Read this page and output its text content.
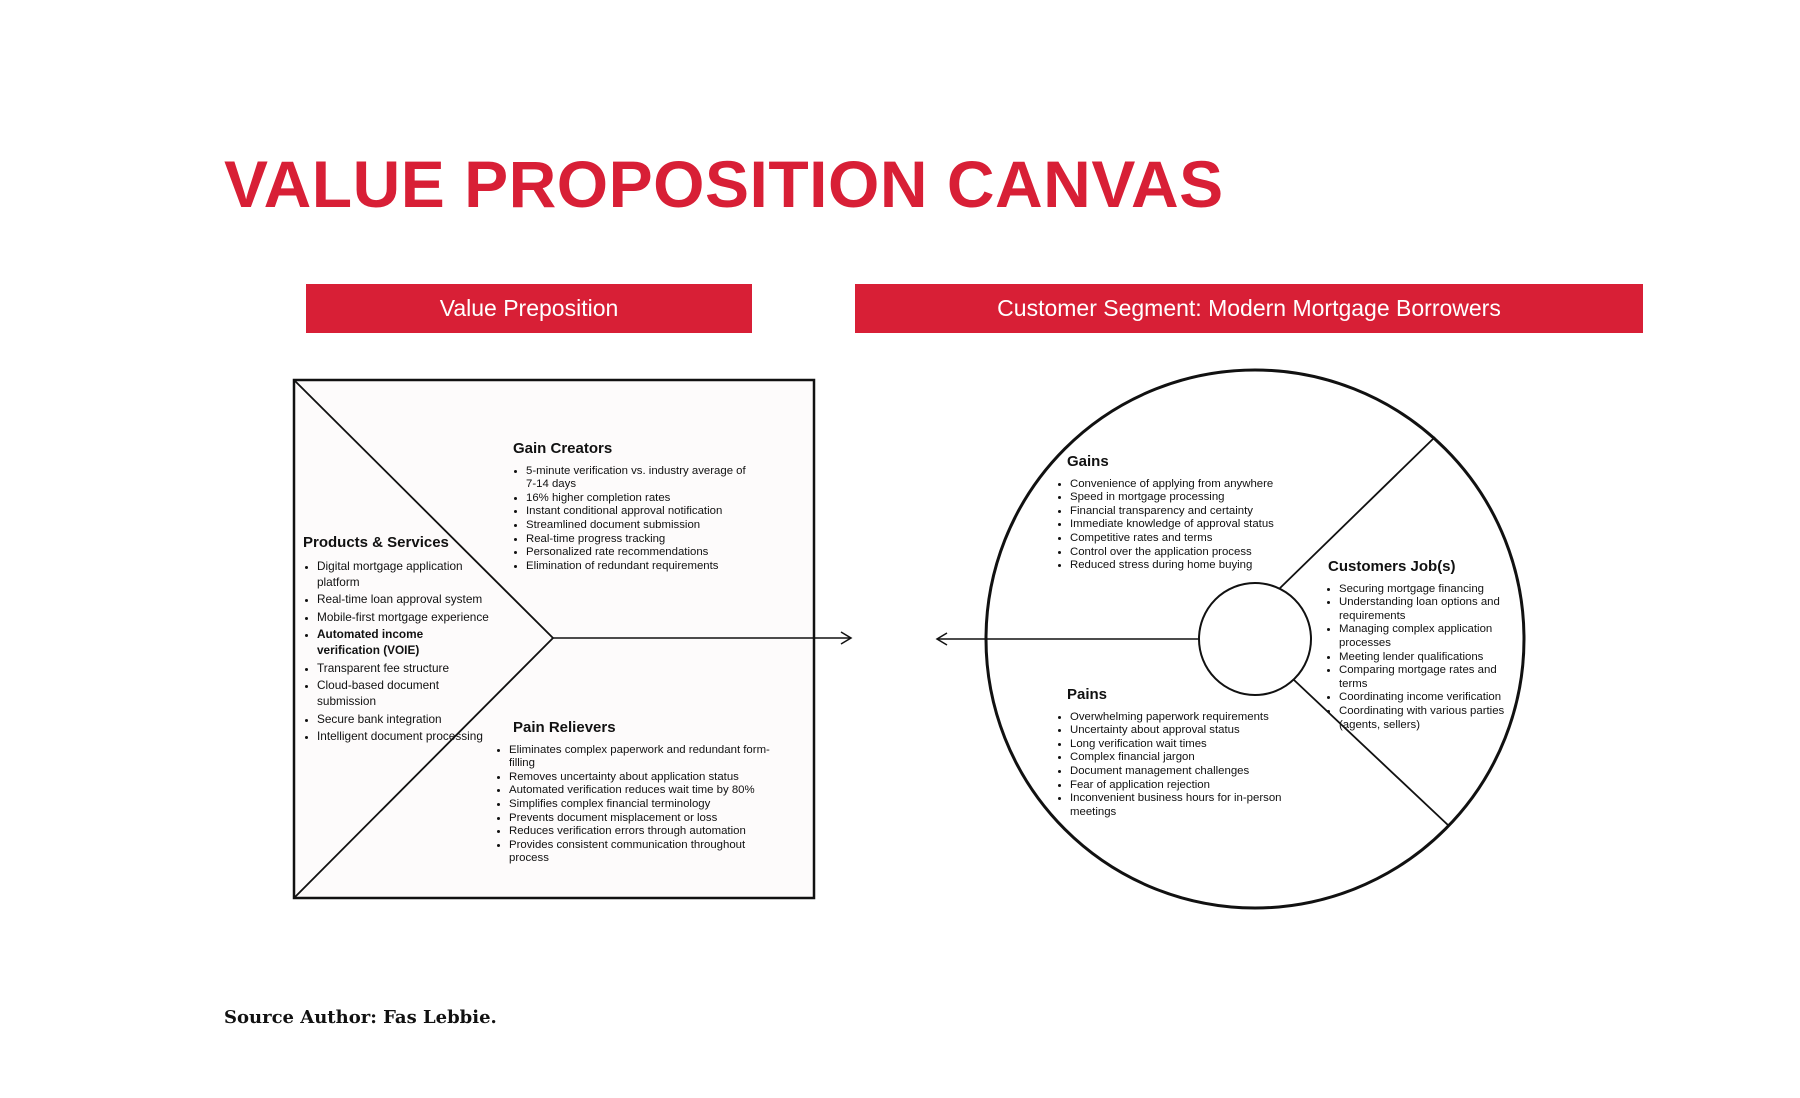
VALUE PROPOSITION CANVAS
Value Preposition	Customer Segment: Modern Mortgage Borrowers
Gain Creators
• 5-minute verification vs. industry average of 7-14 days
• 16% higher completion rates
• Instant conditional approval notification
• Streamlined document submission
• Real-time progress tracking
• Personalized rate recommendations
• Elimination of redundant requirements
Products & Services
• Digital mortgage application platform
• Real-time loan approval system
• Mobile-first mortgage experience
• Automated income verification (VOIE)
• Transparent fee structure
• Cloud-based document submission
• Secure bank integration
• Intelligent document processing	Pain Relievers
• Eliminates complex paperwork and redundant form-filling
• Removes uncertainty about application status
• Automated verification reduces wait time by 80%
• Simplifies complex financial terminology
• Prevents document misplacement or loss
• Reduces verification errors through automation
• Provides consistent communication throughout process
Gains
• Convenience of applying from anywhere
• Speed in mortgage processing
• Financial transparency and certainty
• Immediate knowledge of approval status
• Competitive rates and terms
• Control over the application process
• Reduced stress during home buying	Customers Job(s)
• Securing mortgage financing
• Understanding loan options and requirements
• Managing complex application processes
• Meeting lender qualifications
• Comparing mortgage rates and terms
• Coordinating income verification
• Coordinating with various parties (agents, sellers)
Pains
• Overwhelming paperwork requirements
• Uncertainty about approval status
• Long verification wait times
• Complex financial jargon
• Document management challenges
• Fear of application rejection
• Inconvenient business hours for in-person meetings
Source Author: Fas Lebbie.
